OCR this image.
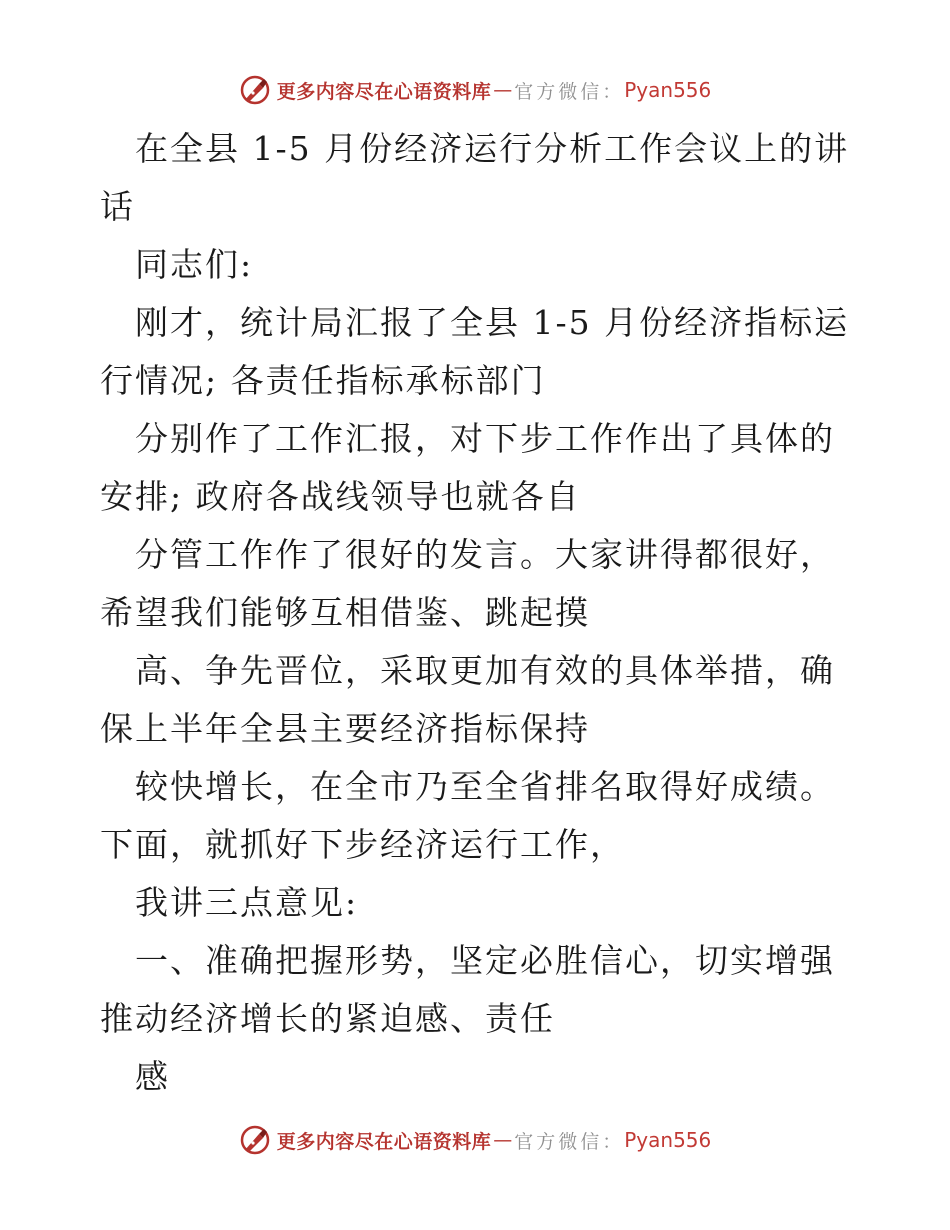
更多内容尽在心语资料库 — 官方微信： Pyan556

在全县 1-5 月份经济运行分析工作会议上的讲话

同志们:

刚才，统计局汇报了全县 1-5 月份经济指标运行情况; 各责任指标承标部门

分别作了工作汇报，对下步工作作出了具体的安排; 政府各战线领导也就各自

分管工作作了很好的发言。大家讲得都很好，希望我们能够互相借鉴、跳起摸

高、争先晋位，采取更加有效的具体举措，确保上半年全县主要经济指标保持

较快增长，在全市乃至全省排名取得好成绩。下面，就抓好下步经济运行工作，

我讲三点意见:

一、准确把握形势，坚定必胜信心，切实增强推动经济增长的紧迫感、责任

感

更多内容尽在心语资料库 — 官方微信： Pyan556
